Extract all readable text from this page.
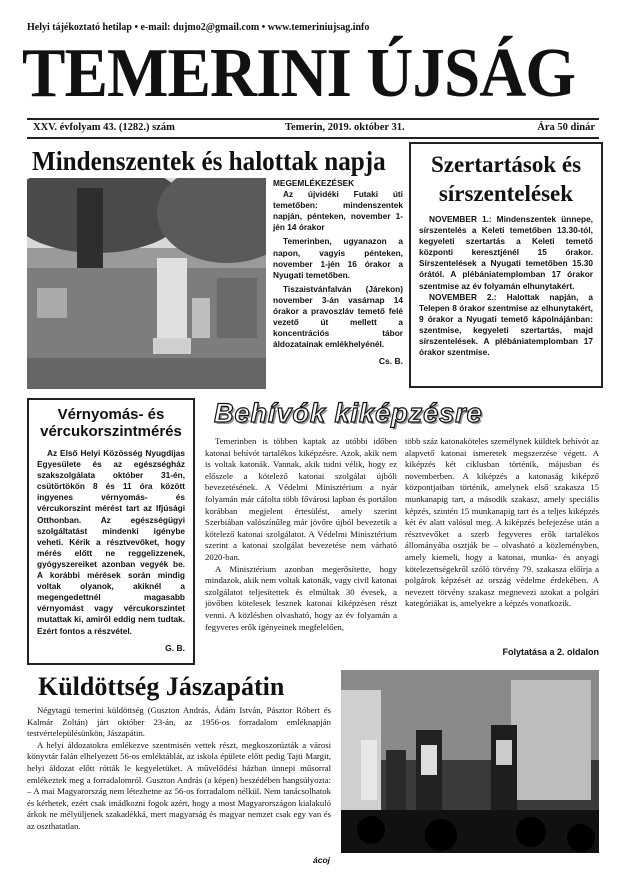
Helyi tájékoztató hetilap • e-mail: dujmo2@gmail.com • www.temeriniujsag.info
TEMERINI ÚJSÁG
XXV. évfolyam 43. (1282.) szám	Temerin, 2019. október 31.	Ára 50 dinár
Mindenszentek és halottak napja
MEGEMLÉKEZÉSEK

Az újvidéki Futaki úti temetőben: mindenszentek napján, pénteken, november 1-jén 14 órakor

Temerinben, ugyanazon a napon, vagyis pénteken, november 1-jén 16 órakor a Nyugati temetőben.

Tiszaistvánfalván (Járekon) november 3-án vasárnap 14 órakor a pravoszláv temető felé vezető út mellett a koncentrációs tábor áldozatainak emlékhelyénél.

Cs. B.
Szertartások és
sírszentelések

NOVEMBER 1.: Mindenszentek ünnepe, sírszentelés a Keleti temetőben 13.30-tól, kegyeleti szertartás a Keleti temető központi keresztjénél 15 órakor. Sírszentelések a Nyugati temetőben 15.30 órától. A plébániatemplomban 17 órakor szentmise az év folyamán elhunytakért.

NOVEMBER 2.: Halottak napján, a Telepen 8 órakor szentmise az elhunytakért, 9 órakor a Nyugati temető kápolnájánban: szentmise, kegyeleti szertartás, majd sírszentelések. A plébániatemplomban 17 órakor szentmise.

Vérnyomás- és
vércukorszintmérés

Az Első Helyi Közösség Nyugdíjas Egyesülete és az egészségház szakszolgálata október 31-én, csütörtökön 8 és 11 óra között ingyenes vérnyomás- és vércukorszint mérést tart az Ifjúsági Otthonban. Az egészségügyi szolgáltatást mindenki igénybe veheti. Kérik a résztvevőket, hogy mérés előtt ne reggelizzenek, gyógyszereiket azonban vegyék be. A korábbi mérések során mindig voltak olyanok, akiknél a megengedettnél magasabb vérnyomást vagy vércukorszintet mutattak ki, amiről eddig nem tudtak. Ezért fontos a részvétel.

G. B.
Behívók kiképzésre

Temerinben is többen kaptak az utóbbi időben katonai behívót tartalékos kiképzésre. Azok, akik nem is voltak katonák. Vannak, akik tudni vélik, hogy ez előszele a kötelező katonai szolgálat újbóli bevezetésének. A Védelmi Minisztérium a nyár folyamán már cáfolta több fővárosi lapban és portálon korábban megjelent értesülést, amely szerint Szerbiában valószínűleg már jövőre újból bevezetik a kötelező katonai szolgálatot. A Védelmi Minisztérium szerint a katonai szolgálat bevezetése nem várható 2020-ban.

A Minisztérium azonban megerősítette, hogy mindazok, akik nem voltak katonák, vagy civil katonai szolgálatot teljesítettek és elmúltak 30 évesek, a jövőben kötelesek lesznek katonai kiképzésen részt venni. A közlésben olvasható, hogy az év folyamán a fegyveres erők igényeinek megfelelően,

több száz katonaköteles személynek küldtek behívót az alapvető katonai ismeretek megszerzése végett. A kiképzés két ciklusban történik, májusban és novemberben. A kiképzés a katonaság kiképző központjaiban történik, amelynek első szakasza 15 munkanapig tart, a második szakasz, amely speciális képzés, szintén 15 munkanapig tart és a teljes kiképzés két év alatt valósul meg. A kiképzés befejezése után a résztvevőket a szerb fegyveres erők tartalékos állományába osztják be – olvasható a közleményben, amely kiemeli, hogy a katonai, munka- és anyagi kötelezettségekről szóló törvény 79. szakasza előírja a polgárok képzését az ország védelme érdekében. A nevezett törvény szakasz megnevezi azokat a polgári kategóriákat is, amelyekre a képzés vonatkozik.

Folytatása a 2. oldalon
Küldöttség Jászapátin

Négytagú temerini küldöttség (Guszton András, Ádám István, Pásztor Róbert és Kalmár Zoltán) járt október 23-án, az 1956-os forradalom emléknapján testvértelepülésünkön, Jászapátin.

A helyi áldozatokra emlékezve szentmisén vettek részt, megkoszorúzták a városi könyvtár falán elhelyezett 56-os emléktáblát, az iskola épülete előtt pedig Tajti Margit, helyi áldozat előtt rótták le kegyeletüket. A művelődési házban ünnepi műsorral emlékeztek meg a forradalomról. Guszton András (a képen) beszédében hangsúlyozta: – A mai Magyarország nem létezhetne az 56-os forradalom nélkül. Nem tanácsolhatok és kérhetek, ezért csak imádkozni fogok azért, hogy a most Magyarországon kialakuló árkok ne mélyüljenek szakadékká, mert magyarság és magyar nemzet csak egy van és az oszthatatlan.

ácoj
